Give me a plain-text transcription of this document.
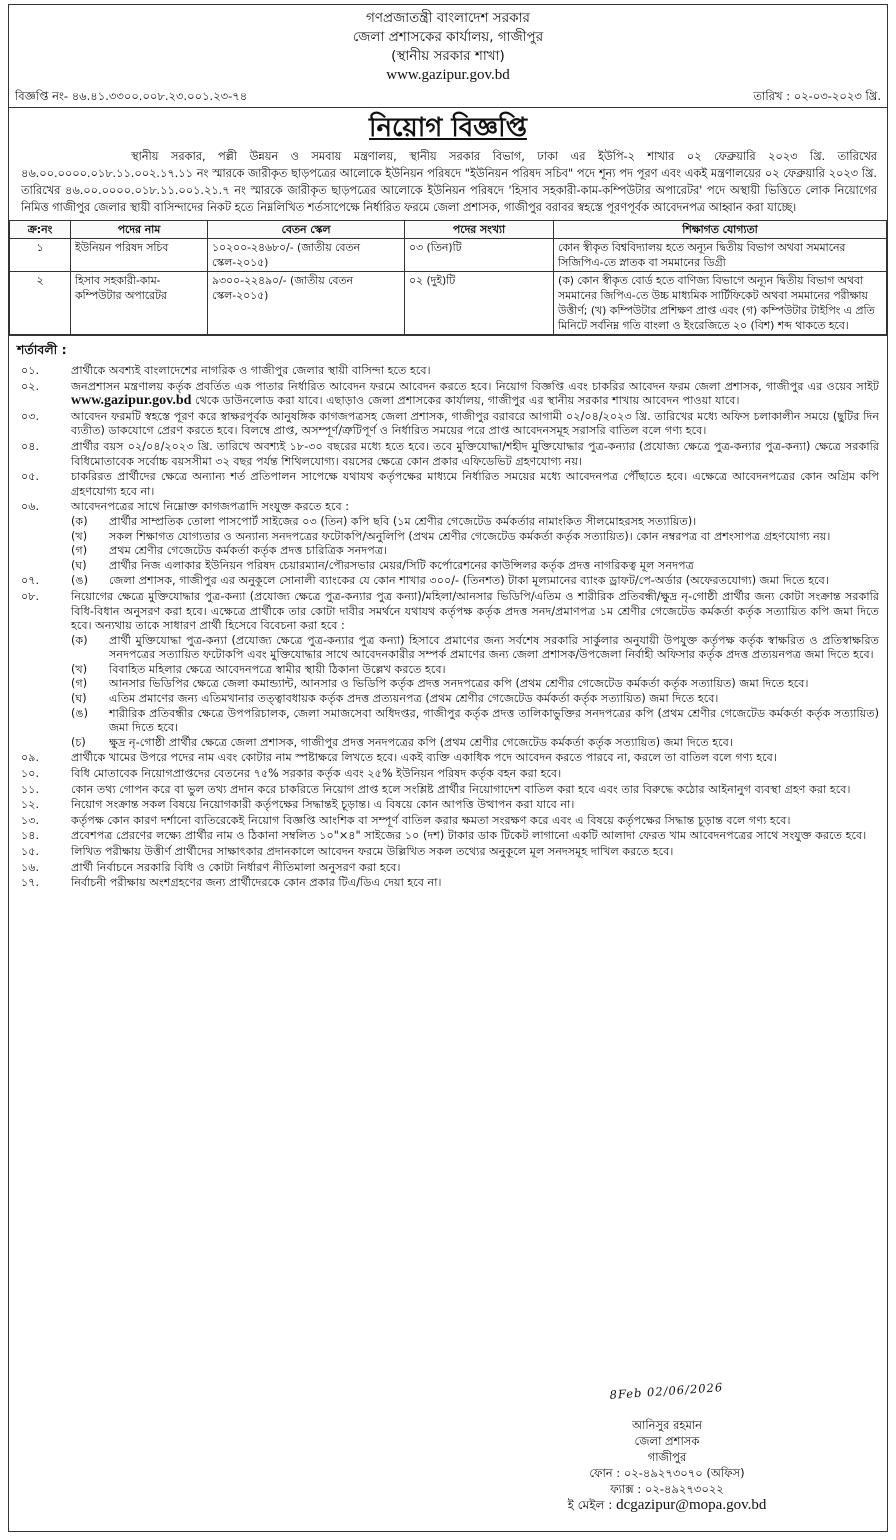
গণপ্রজাতন্ত্রী বাংলাদেশ সরকার
জেলা প্রশাসকের কার্যালয়, গাজীপুর
(স্থানীয় সরকার শাখা)
www.gazipur.gov.bd
বিজ্ঞপ্তি নং- ৪৬.৪১.৩৩০০.০০৮.২৩.০০১.২৩-৭৪	তারিখ : ০২-০৩-২০২৩ খ্রি.
নিয়োগ বিজ্ঞপ্তি
স্থানীয় সরকার, পল্লী উন্নয়ন ও সমবায় মন্ত্রণালয়, স্থানীয় সরকার বিভাগ, ঢাকা এর ইউপি-২ শাখার ০২ ফেব্রুয়ারি ২০২৩ খ্রি. তারিখের ৪৬.০০.০০০০.০১৮.১১.০০২.১৭.১১ নং স্মারকে জারীকৃত ছাড়পত্রের আলোকে ইউনিয়ন পরিষদে "ইউনিয়ন পরিষদ সচিব" পদে শূন্য পদ পূরণ এবং একই মন্ত্রণালয়ের ০২ ফেব্রুয়ারি ২০২৩ খ্রি. তারিখের ৪৬.০০.০০০০.০১৮.১১.০০১.২১.৭ নং স্মারকে জারীকৃত ছাড়পত্রের আলোকে ইউনিয়ন পরিষদে 'হিসাব সহকারী-কাম-কম্পিউটার অপারেটর' পদে অস্থায়ী ভিত্তিতে লোক নিয়োগের নিমিত্ত গাজীপুর জেলার স্থায়ী বাসিন্দাদের নিকট হতে নিম্নলিখিত শর্তসাপেক্ষে নির্ধারিত ফরমে জেলা প্রশাসক, গাজীপুর বরাবর স্বহস্তে পূরণপূর্বক আবেদনপত্র আহ্বান করা যাচ্ছে।
ক্র:নং	পদের নাম	বেতন স্কেল	পদের সংখ্যা	শিক্ষাগত যোগ্যতা
১	ইউনিয়ন পরিষদ সচিব	১০২০০-২৪৬৮০/- (জাতীয় বেতন স্কেল-২০১৫)	০৩ (তিন)টি	কোন স্বীকৃত বিশ্ববিদ্যালয় হতে অন্যূন দ্বিতীয় বিভাগ অথবা সমমানের সিজিপিএ-তে স্নাতক বা সমমানের ডিগ্রী
২	হিসাব সহকারী-কাম-কম্পিউটার অপারেটর	৯৩০০-২২৪৯০/- (জাতীয় বেতন স্কেল-২০১৫)	০২ (দুই)টি	(ক) কোন স্বীকৃত বোর্ড হতে বাণিজ্য বিভাগে অন্যূন দ্বিতীয় বিভাগ অথবা সমমানের জিপিএ-তে উচ্চ মাধ্যমিক সার্টিফিকেট অথবা সমমানের পরীক্ষায় উত্তীর্ণ; (খ) কম্পিউটার প্রশিক্ষণ প্রাপ্ত এবং (গ) কম্পিউটার টাইপিং এ প্রতি মিনিটে সর্বনিম্ন গতি বাংলা ও ইংরেজিতে ২০ (বিশ) শব্দ থাকতে হবে।
শর্তাবলী :
০১.	প্রার্থীকে অবশ্যই বাংলাদেশের নাগরিক ও গাজীপুর জেলার স্থায়ী বাসিন্দা হতে হবে।
০২.	জনপ্রশাসন মন্ত্রণালয় কর্তৃক প্রবর্তিত এক পাতার নির্ধারিত আবেদন ফরমে আবেদন করতে হবে। নিয়োগ বিজ্ঞপ্তি এবং চাকরির আবেদন ফরম জেলা প্রশাসক, গাজীপুর এর ওয়েব সাইট www.gazipur.gov.bd থেকে ডাউনলোড করা যাবে। এছাড়াও জেলা প্রশাসকের কার্যালয়, গাজীপুর এর স্থানীয় সরকার শাখায় আবেদন পাওয়া যাবে।
০৩.	আবেদন ফরমটি স্বহস্তে পূরণ করে স্বাক্ষরপূর্বক আনুষঙ্গিক কাগজপত্রসহ জেলা প্রশাসক, গাজীপুর বরাবরে আগামী ০২/০৪/২০২৩ খ্রি. তারিখের মধ্যে অফিস চলাকালীন সময়ে (ছুটির দিন ব্যতীত) ডাকযোগে প্রেরণ করতে হবে। বিলম্বে প্রাপ্ত, অসম্পূর্ণ/ত্রুটিপূর্ণ ও নির্ধারিত সময়ের পরে প্রাপ্ত আবেদনসমূহ সরাসরি বাতিল বলে গণ্য হবে।
০৪.	প্রার্থীর বয়স ০২/০৪/২০২৩ খ্রি. তারিখে অবশ্যই ১৮-৩০ বছরের মধ্যে হতে হবে। তবে মুক্তিযোদ্ধা/শহীদ মুক্তিযোদ্ধার পুত্র-কন্যার (প্রযোজ্য ক্ষেত্রে পুত্র-কন্যার পুত্র-কন্যা) ক্ষেত্রে সরকারি বিধিমোতাবেক সর্বোচ্চ বয়সসীমা ৩২ বছর পর্যন্ত শিথিলযোগ্য। বয়সের ক্ষেত্রে কোন প্রকার এফিডেভিট গ্রহণযোগ্য নয়।
০৫.	চাকরিরত প্রার্থীদের ক্ষেত্রে অন্যান্য শর্ত প্রতিপালন সাপেক্ষে যথাযথ কর্তৃপক্ষের মাধ্যমে নির্ধারিত সময়ের মধ্যে আবেদনপত্র পৌঁছাতে হবে। এক্ষেত্রে আবেদনপত্রের কোন অগ্রিম কপি গ্রহণযোগ্য হবে না।
০৬.	আবেদনপত্রের সাথে নিম্নোক্ত কাগজপত্রাদি সংযুক্ত করতে হবে :
(ক)	প্রার্থীর সাম্প্রতিক তোলা পাসপোর্ট সাইজের ০৩ (তিন) কপি ছবি (১ম শ্রেণীর গেজেটেড কর্মকর্তার নামাংকিত সীলমোহরসহ সত্যায়িত)।
(খ)	সকল শিক্ষাগত যোগ্যতার ও অন্যান্য সনদপত্রের ফটোকপি/অনুলিপি (প্রথম শ্রেণীর গেজেটেড কর্মকর্তা কর্তৃক সত্যায়িত)। কোন নম্বরপত্র বা প্রশংসাপত্র গ্রহণযোগ্য নয়।
(গ)	প্রথম শ্রেণীর গেজেটেড কর্মকর্তা কর্তৃক প্রদত্ত চারিত্রিক সনদপত্র।
(ঘ)	প্রার্থীর নিজ এলাকার ইউনিয়ন পরিষদ চেয়ারম্যান/পৌরসভার মেয়র/সিটি কর্পোরেশনের কাউন্সিলর কর্তৃক প্রদত্ত নাগরিকত্ব মূল সনদপত্র
০৭.	(ঙ)	জেলা প্রশাসক, গাজীপুর এর অনুকূলে সোনালী ব্যাংকের যে কোন শাখার ৩০০/- (তিনশত) টাকা মূল্যমানের ব্যাংক ড্রাফট/পে-অর্ডার (অফেরতযোগ্য) জমা দিতে হবে।
০৮.	নিয়োগের ক্ষেত্রে মুক্তিযোদ্ধার পুত্র-কন্যা (প্রযোজ্য ক্ষেত্রে পুত্র-কন্যার পুত্র কন্যা)/মহিলা/আনসার ভিডিপি/এতিম ও শারীরিক প্রতিবন্ধী/ক্ষুদ্র নৃ-গোষ্ঠী প্রার্থীর জন্য কোটা সংক্রান্ত সরকারি বিধি-বিধান অনুসরণ করা হবে। এক্ষেত্রে প্রার্থীকে তার কোটা দাবীর সমর্থনে যথাযথ কর্তৃপক্ষ কর্তৃক প্রদত্ত সনদ/প্রমাণপত্র ১ম শ্রেণীর গেজেটেড কর্মকর্তা কর্তৃক সত্যায়িত কপি জমা দিতে হবে। অন্যথায় তাকে সাধারণ প্রার্থী হিসেবে বিবেচনা করা হবে :
(ক)	প্রার্থী মুক্তিযোদ্ধা পুত্র-কন্যা (প্রযোজ্য ক্ষেত্রে পুত্র-কন্যার পুত্র কন্যা) হিসাবে প্রমাণের জন্য সর্বশেষ সরকারি সার্কুলার অনুযায়ী উপযুক্ত কর্তৃপক্ষ কর্তৃক স্বাক্ষরিত ও প্রতিস্বাক্ষরিত সনদপত্রের সত্যায়িত ফটোকপি এবং মুক্তিযোদ্ধার সাথে আবেদনকারীর সম্পর্ক প্রমাণের জন্য জেলা প্রশাসক/উপজেলা নির্বাহী অফিসার কর্তৃক প্রদত্ত প্রত্যয়নপত্র জমা দিতে হবে।
(খ)	বিবাহিত মহিলার ক্ষেত্রে আবেদনপত্রে স্বামীর স্থায়ী ঠিকানা উল্লেখ করতে হবে।
(গ)	আনসার ভিডিপির ক্ষেত্রে জেলা কমান্ড্যান্ট, আনসার ও ভিডিপি কর্তৃক প্রদত্ত সনদপত্রের কপি (প্রথম শ্রেণীর গেজেটেড কর্মকর্তা কর্তৃক সত্যায়িত) জমা দিতে হবে।
(ঘ)	এতিম প্রমাণের জন্য এতিমখানার তত্ত্বাবধায়ক কর্তৃক প্রদত্ত প্রত্যয়নপত্র (প্রথম শ্রেণীর গেজেটেড কর্মকর্তা কর্তৃক সত্যায়িত) জমা দিতে হবে।
(ঙ)	শারীরিক প্রতিবন্ধীর ক্ষেত্রে উপপরিচালক, জেলা সমাজসেবা অধিদপ্তর, গাজীপুর কর্তৃক প্রদত্ত তালিকাভুক্তির সনদপত্রের কপি (প্রথম শ্রেণীর গেজেটেড কর্মকর্তা কর্তৃক সত্যায়িত) জমা দিতে হবে।
(চ)	ক্ষুদ্র নৃ-গোষ্ঠী প্রার্থীর ক্ষেত্রে জেলা প্রশাসক, গাজীপুর প্রদত্ত সনদপত্রের কপি (প্রথম শ্রেণীর গেজেটেড কর্মকর্তা কর্তৃক সত্যায়িত) জমা দিতে হবে।
০৯.	প্রার্থীকে খামের উপরে পদের নাম এবং কোটার নাম স্পষ্টাক্ষরে লিখতে হবে। একই ব্যক্তি একাধিক পদে আবেদন করতে পারবে না, করলে তা বাতিল বলে গণ্য হবে।
১০.	বিধি মোতাবেক নিয়োগপ্রাপ্তদের বেতনের ৭৫% সরকার কর্তৃক এবং ২৫% ইউনিয়ন পরিষদ কর্তৃক বহন করা হবে।
১১.	কোন তথ্য গোপন করে বা ভুল তথ্য প্রদান করে চাকরিতে নিয়োগ প্রাপ্ত হলে সংশ্লিষ্ট প্রার্থীর নিয়োগাদেশ বাতিল করা হবে এবং তার বিরুদ্ধে কঠোর আইনানুগ ব্যবস্থা গ্রহণ করা হবে।
১২.	নিয়োগ সংক্রান্ত সকল বিষয়ে নিয়োগকারী কর্তৃপক্ষের সিদ্ধান্তই চূড়ান্ত। এ বিষয়ে কোন আপত্তি উত্থাপন করা যাবে না।
১৩.	কর্তৃপক্ষ কোন কারণ দর্শানো ব্যতিরেকেই নিয়োগ বিজ্ঞপ্তি আংশিক বা সম্পূর্ণ বাতিল করার ক্ষমতা সংরক্ষণ করে এবং এ বিষয়ে কর্তৃপক্ষের সিদ্ধান্ত চূড়ান্ত বলে গণ্য হবে।
১৪.	প্রবেশপত্র প্রেরণের লক্ষ্যে প্রার্থীর নাম ও ঠিকানা সম্বলিত ১০"×৪" সাইজের ১০ (দশ) টাকার ডাক টিকেট লাগানো একটি আলাদা ফেরত খাম আবেদনপত্রের সাথে সংযুক্ত করতে হবে।
১৫.	লিখিত পরীক্ষায় উত্তীর্ণ প্রার্থীদের সাক্ষাৎকার প্রদানকালে আবেদন ফরমে উল্লিখিত সকল তথ্যের অনুকূলে মূল সনদসমূহ দাখিল করতে হবে।
১৬.	প্রার্থী নির্বাচনে সরকারি বিধি ও কোটা নির্ধারণ নীতিমালা অনুসরণ করা হবে।
১৭.	নির্বাচনী পরীক্ষায় অংশগ্রহণের জন্য প্রার্থীদেরকে কোন প্রকার টিএ/ডিএ দেয়া হবে না।
8Feb 02/06/2026
আনিসুর রহমান
জেলা প্রশাসক
গাজীপুর
ফোন : ০২-৪৯২৭৩০৭০ (অফিস)
ফ্যাক্স : ০২-৪৯২৭৩০২২
ই মেইল : dcgazipur@mopa.gov.bd
